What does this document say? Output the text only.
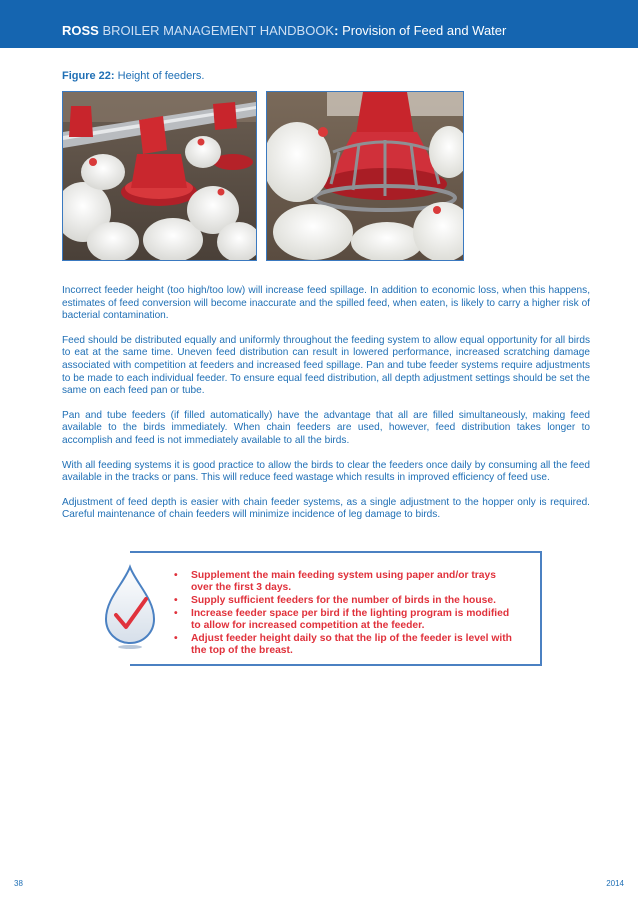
ROSS BROILER MANAGEMENT HANDBOOK: Provision of Feed and Water
Figure 22: Height of feeders.

Incorrect feeder height (too high/too low) will increase feed spillage. In addition to economic loss, when this happens, estimates of feed conversion will become inaccurate and the spilled feed, when eaten, is likely to carry a higher risk of bacterial contamination.

Feed should be distributed equally and uniformly throughout the feeding system to allow equal opportunity for all birds to eat at the same time. Uneven feed distribution can result in lowered performance, increased scratching damage associated with competition at feeders and increased feed spillage. Pan and tube feeder systems require adjustments to be made to each individual feeder. To ensure equal feed distribution, all depth adjustment settings should be set the same on each feed pan or tube.

Pan and tube feeders (if filled automatically) have the advantage that all are filled simultaneously, making feed available to the birds immediately. When chain feeders are used, however, feed distribution takes longer to accomplish and feed is not immediately available to all the birds.

With all feeding systems it is good practice to allow the birds to clear the feeders once daily by consuming all the feed available in the tracks or pans. This will reduce feed wastage which results in improved efficiency of feed use.

Adjustment of feed depth is easier with chain feeder systems, as a single adjustment to the hopper only is required. Careful maintenance of chain feeders will minimize incidence of leg damage to birds.

• Supplement the main feeding system using paper and/or trays over the first 3 days.
• Supply sufficient feeders for the number of birds in the house.
• Increase feeder space per bird if the lighting program is modified to allow for increased competition at the feeder.
• Adjust feeder height daily so that the lip of the feeder is level with the top of the breast.
38	2014
